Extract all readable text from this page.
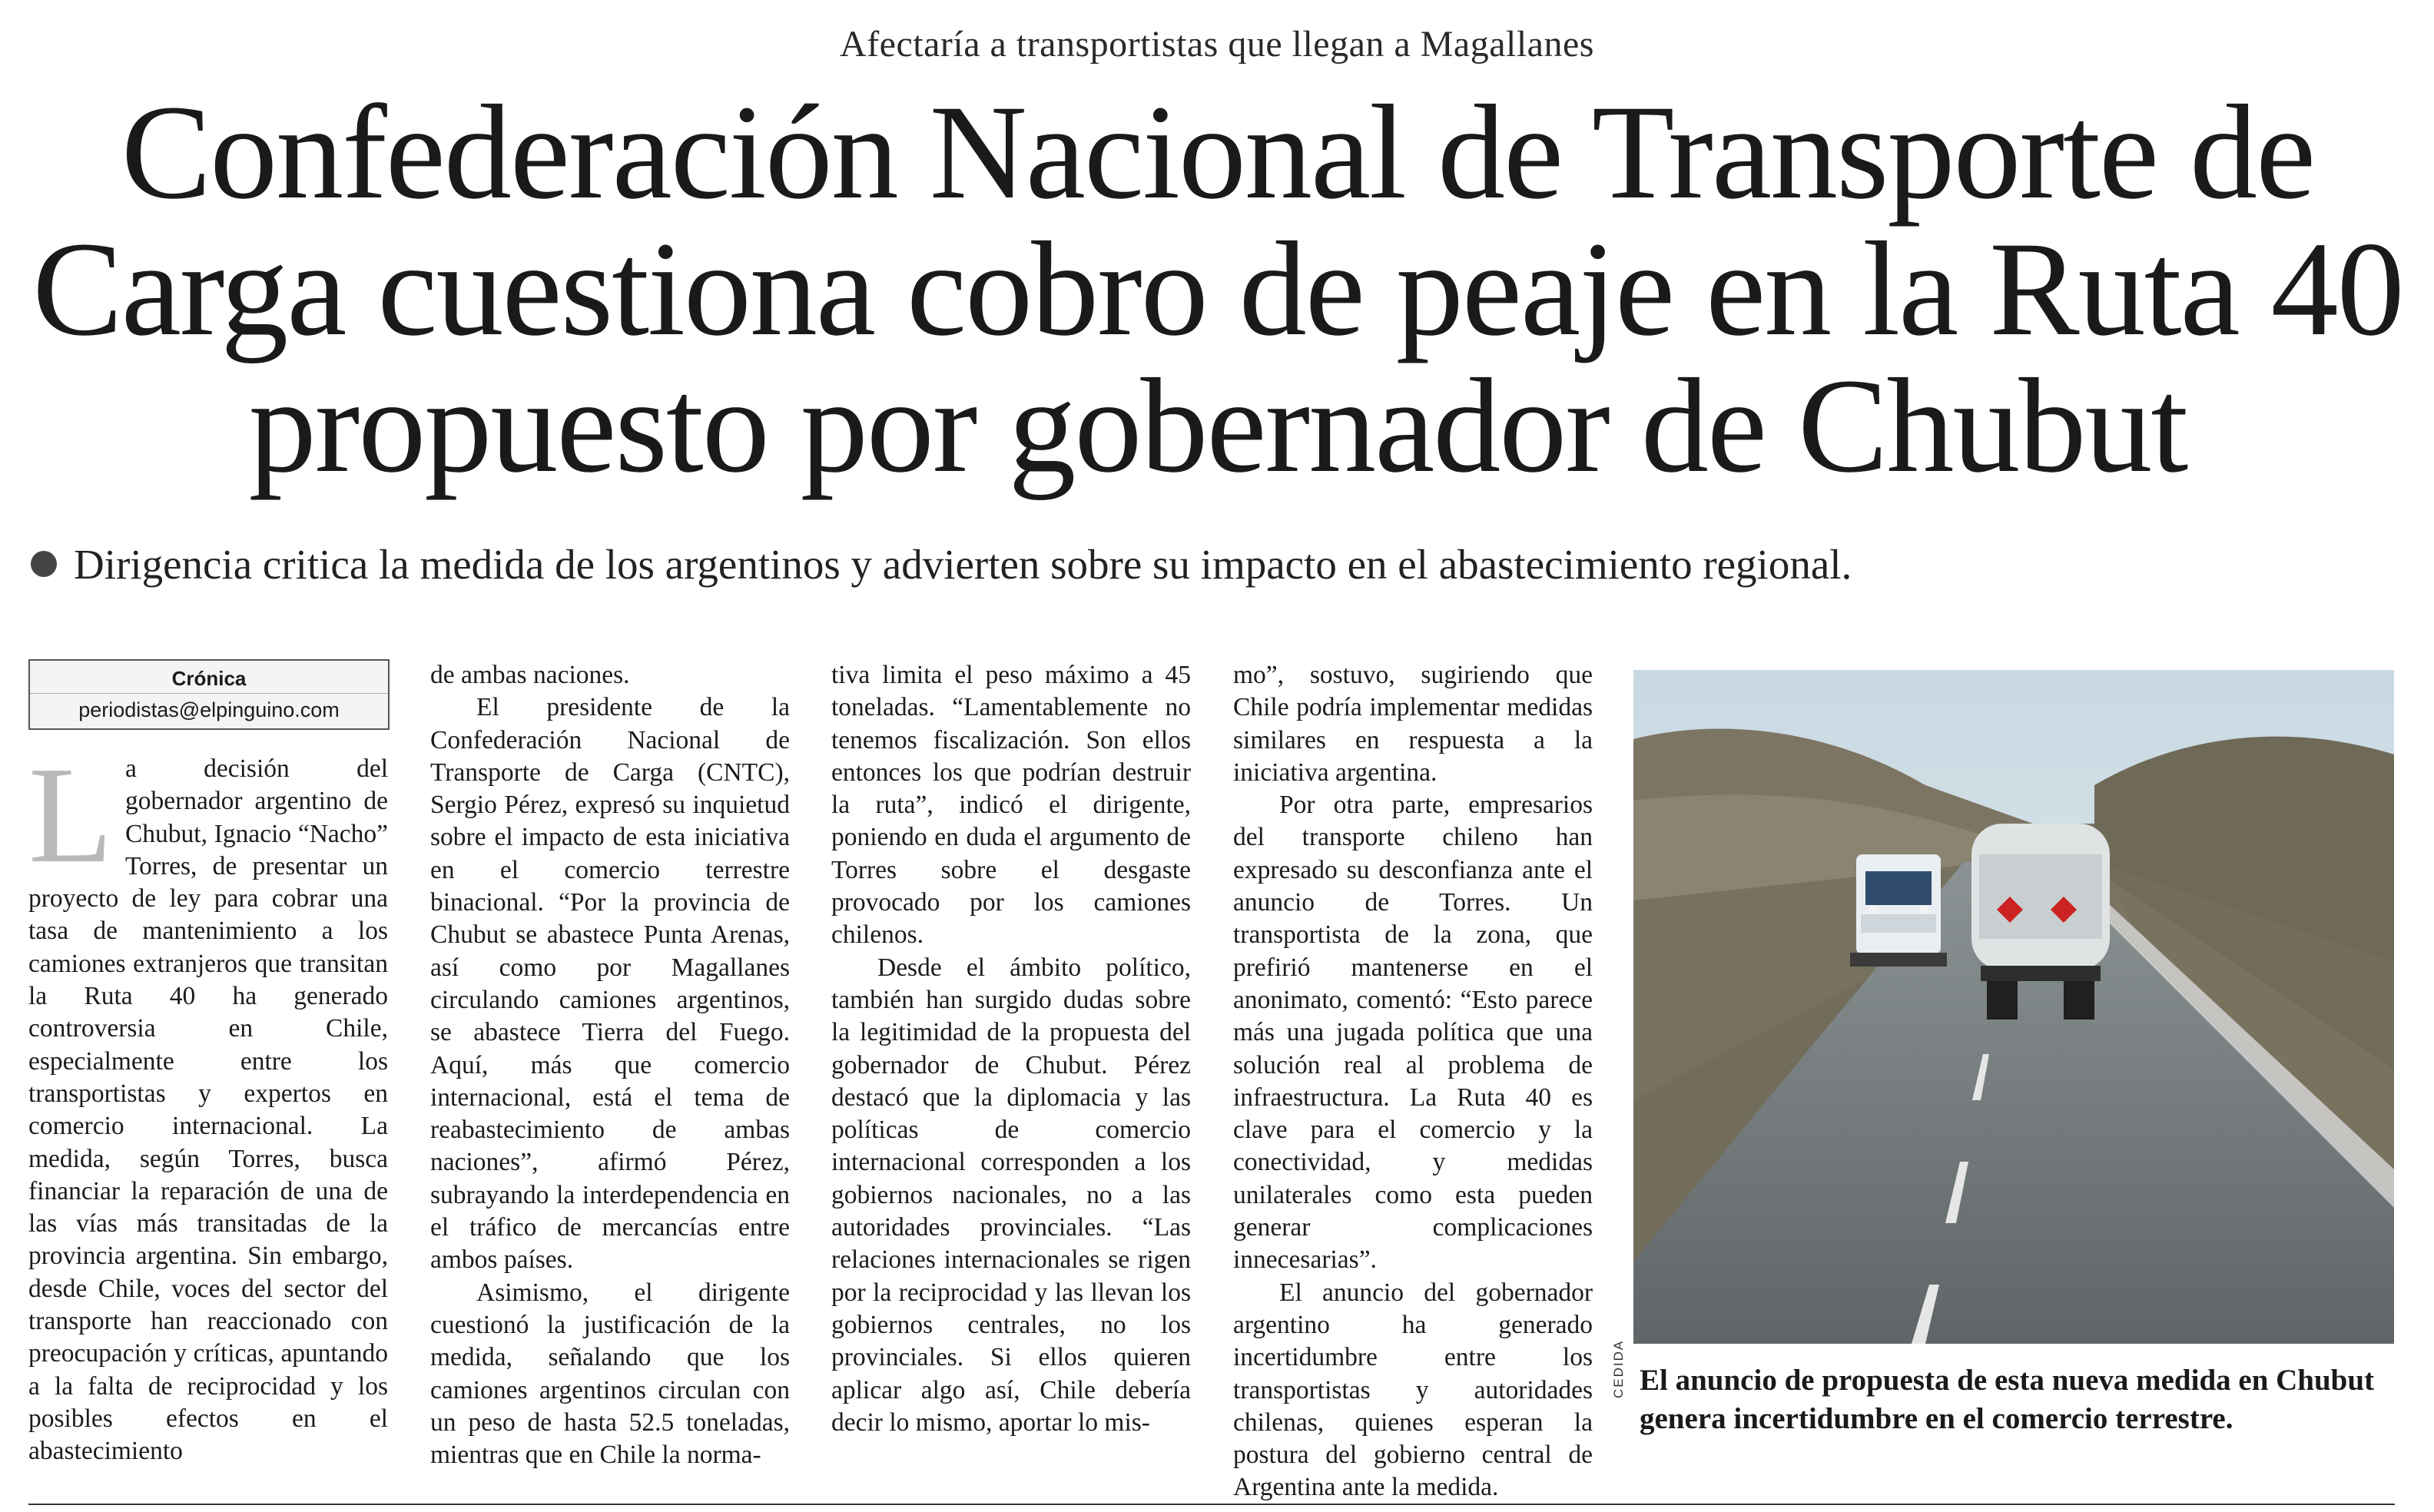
Afectaría a transportistas que llegan a Magallanes
Confederación Nacional de Transporte de Carga cuestiona cobro de peaje en la Ruta 40 propuesto por gobernador de Chubut
Dirigencia critica la medida de los argentinos y advierten sobre su impacto en el abastecimiento regional.
Crónica
periodistas@elpinguino.com
L a decisión del gobernador argentino de Chubut, Ignacio “Nacho” Torres, de presentar un proyecto de ley para cobrar una tasa de mantenimiento a los camiones extranjeros que transitan la Ruta 40 ha generado controversia en Chile, especialmente entre los transportistas y expertos en comercio internacional. La medida, según Torres, busca financiar la reparación de una de las vías más transitadas de la provincia argentina. Sin embargo, desde Chile, voces del sector del transporte han reaccionado con preocupación y críticas, apuntando a la falta de reciprocidad y los posibles efectos en el abastecimiento

de ambas naciones.

El presidente de la Confederación Nacional de Transporte de Carga (CNTC), Sergio Pérez, expresó su inquietud sobre el impacto de esta iniciativa en el comercio terrestre binacional. “Por la provincia de Chubut se abastece Punta Arenas, así como por Magallanes circulando camiones argentinos, se abastece Tierra del Fuego. Aquí, más que comercio internacional, está el tema de reabastecimiento de ambas naciones”, afirmó Pérez, subrayando la interdependencia en el tráfico de mercancías entre ambos países.

Asimismo, el dirigente cuestionó la justificación de la medida, señalando que los camiones argentinos circulan con un peso de hasta 52.5 toneladas, mientras que en Chile la norma-

tiva limita el peso máximo a 45 toneladas. “Lamentablemente no tenemos fiscalización. Son ellos entonces los que podrían destruir la ruta”, indicó el dirigente, poniendo en duda el argumento de Torres sobre el desgaste provocado por los camiones chilenos.

Desde el ámbito político, también han surgido dudas sobre la legitimidad de la propuesta del gobernador de Chubut. Pérez destacó que la diplomacia y las políticas de comercio internacional corresponden a los gobiernos nacionales, no a las autoridades provinciales. “Las relaciones internacionales se rigen por la reciprocidad y las llevan los gobiernos centrales, no los provinciales. Si ellos quieren aplicar algo así, Chile debería decir lo mismo, aportar lo mis-

mo”, sostuvo, sugiriendo que Chile podría implementar medidas similares en respuesta a la iniciativa argentina.

Por otra parte, empresarios del transporte chileno han expresado su desconfianza ante el anuncio de Torres. Un transportista de la zona, que prefirió mantenerse en el anonimato, comentó: “Esto parece más una jugada política que una solución real al problema de infraestructura. La Ruta 40 es clave para el comercio y la conectividad, y medidas unilaterales como esta pueden generar complicaciones innecesarias”.

El anuncio del gobernador argentino ha generado incertidumbre entre los transportistas y autoridades chilenas, quienes esperan la postura del gobierno central de Argentina ante la medida.

CEDIDA El anuncio de propuesta de esta nueva medida en Chubut genera incertidumbre en el comercio terrestre.
